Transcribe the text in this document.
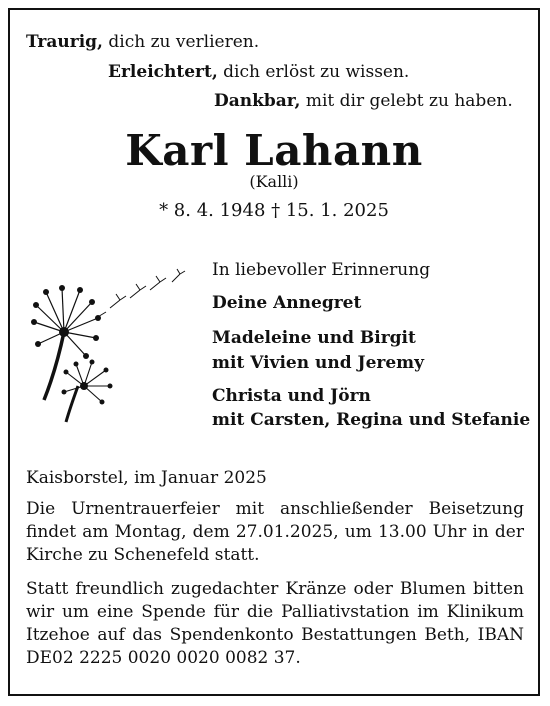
Traurig, dich zu verlieren.
Erleichtert, dich erlöst zu wissen.
Dankbar, mit dir gelebt zu haben.
Karl Lahann
(Kalli)
* 8. 4. 1948 † 15. 1. 2025
In liebevoller Erinnerung
Deine Annegret
Madeleine und Birgit
mit Vivien und Jeremy
Christa und Jörn
mit Carsten, Regina und Stefanie
Kaisborstel, im Januar 2025
Die Urnentrauerfeier mit anschließender Beisetzung findet am Montag, dem 27.01.2025, um 13.00 Uhr in der Kirche zu Schenefeld statt.
Statt freundlich zugedachter Kränze oder Blumen bitten wir um eine Spende für die Palliativstation im Klinikum Itzehoe auf das Spendenkonto Bestattungen Beth, IBAN DE02 2225 0020 0020 0082 37.
